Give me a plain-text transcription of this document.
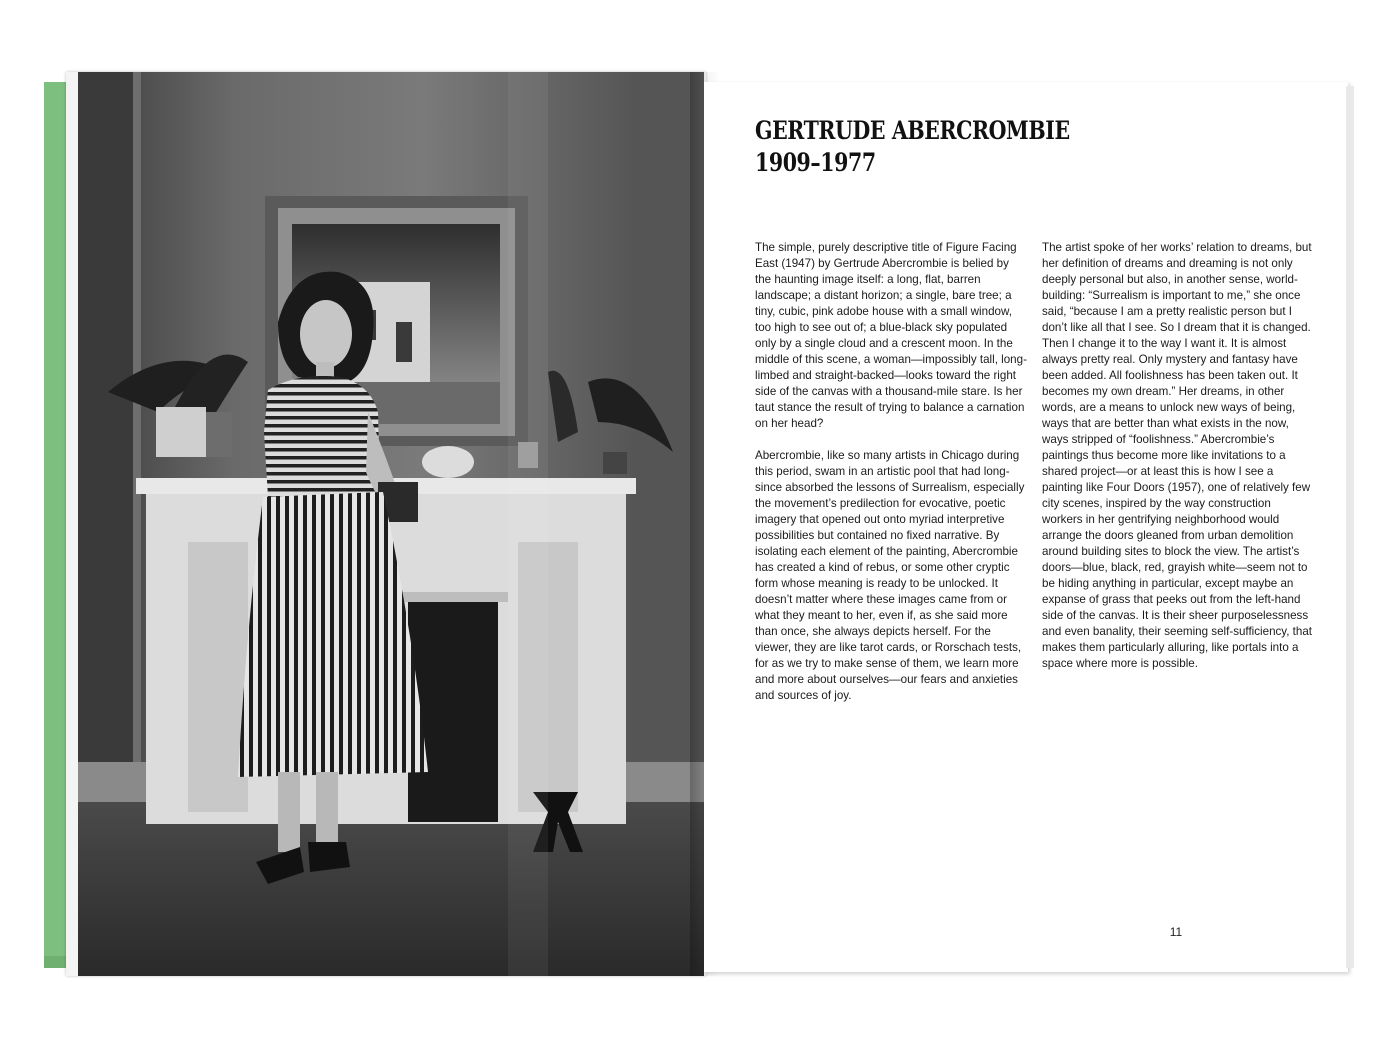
GERTRUDE ABERCROMBIE
1909–1977

The simple, purely descriptive title of Figure Facing East (1947) by Gertrude Abercrombie is belied by the haunting image itself: a long, flat, barren landscape; a distant horizon; a single, bare tree; a tiny, cubic, pink adobe house with a small window, too high to see out of; a blue-black sky populated only by a single cloud and a crescent moon. In the middle of this scene, a woman—impossibly tall, long-limbed and straight-backed—looks toward the right side of the canvas with a thousand-mile stare. Is her taut stance the result of trying to balance a carnation on her head?

Abercrombie, like so many artists in Chicago during this period, swam in an artistic pool that had long-since absorbed the lessons of Surrealism, especially the movement’s predilection for evocative, poetic imagery that opened out onto myriad interpretive possibilities but contained no fixed narrative. By isolating each element of the painting, Abercrombie has created a kind of rebus, or some other cryptic form whose meaning is ready to be unlocked. It doesn’t matter where these images came from or what they meant to her, even if, as she said more than once, she always depicts herself. For the viewer, they are like tarot cards, or Rorschach tests, for as we try to make sense of them, we learn more and more about ourselves—our fears and anxieties and sources of joy.

The artist spoke of her works’ relation to dreams, but her definition of dreams and dreaming is not only deeply personal but also, in another sense, world-building: “Surrealism is important to me,” she once said, “because I am a pretty realistic person but I don’t like all that I see. So I dream that it is changed. Then I change it to the way I want it. It is almost always pretty real. Only mystery and fantasy have been added. All foolishness has been taken out. It becomes my own dream.” Her dreams, in other words, are a means to unlock new ways of being, ways that are better than what exists in the now, ways stripped of “foolishness.” Abercrombie’s paintings thus become more like invitations to a shared project—or at least this is how I see a painting like Four Doors (1957), one of relatively few city scenes, inspired by the way construction workers in her gentrifying neighborhood would arrange the doors gleaned from urban demolition around building sites to block the view. The artist’s doors—blue, black, red, grayish white—seem not to be hiding anything in particular, except maybe an expanse of grass that peeks out from the left-hand side of the canvas. It is their sheer purposelessness and even banality, their seeming self-sufficiency, that makes them particularly alluring, like portals into a space where more is possible.

11
